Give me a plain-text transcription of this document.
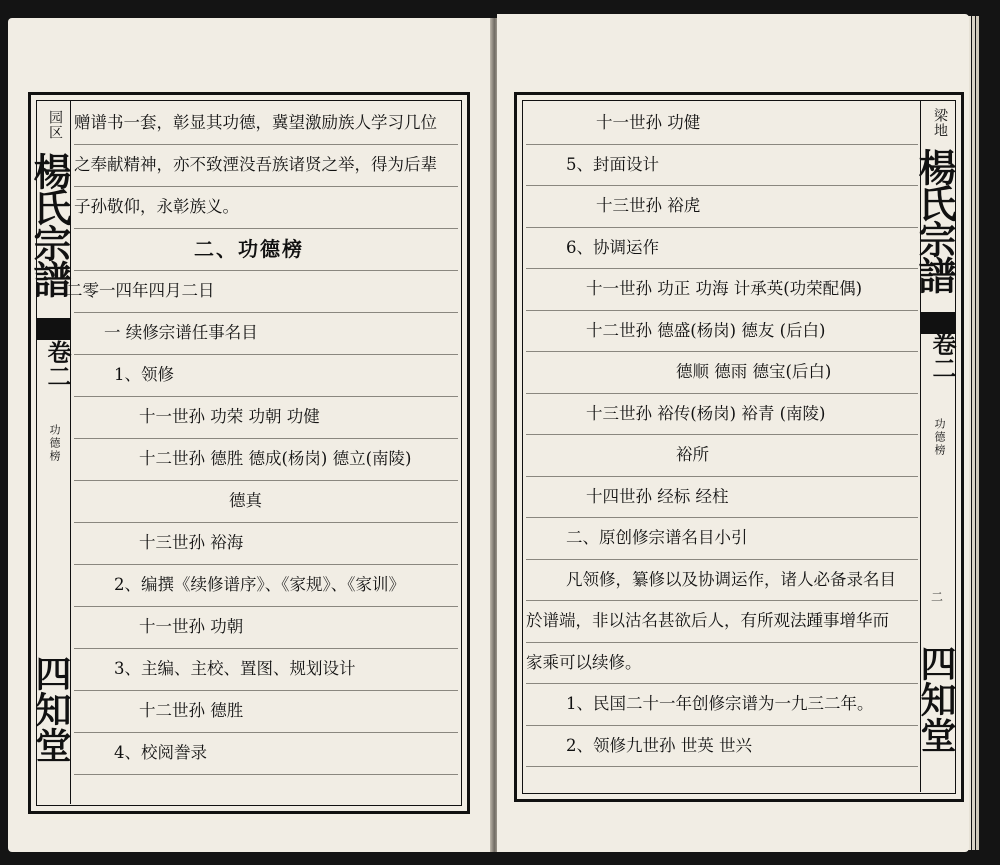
园区
楊氏宗譜
卷二
功德榜
四知堂
赠谱书一套，彰显其功德，冀望激励族人学习几位
之奉献精神，亦不致湮没吾族诸贤之举，得为后辈
子孙敬仰，永彰族义。
二、功德榜
二零一四年四月二日
一 续修宗谱任事名目
1、领修
十一世孙 功荣 功朝 功健
十二世孙 德胜 德成(杨岗) 德立(南陵)
德真
十三世孙 裕海
2、编撰《续修谱序》、《家规》、《家训》
十一世孙 功朝
3、主编、主校、置图、规划设计
十二世孙 德胜
4、校阅誊录
梁地
楊氏宗譜
卷二
功德榜
二
四知堂
十一世孙 功健
5、封面设计
十三世孙 裕虎
6、协调运作
十一世孙 功正 功海 计承英(功荣配偶)
十二世孙 德盛(杨岗) 德友 (后白)
德顺 德雨 德宝(后白)
十三世孙 裕传(杨岗) 裕青 (南陵)
裕所
十四世孙 经标 经柱
二、原创修宗谱名目小引
凡领修，纂修以及协调运作，诸人必备录名目
於谱端，非以沽名甚欲后人，有所观法踵事增华而
家乘可以续修。
1、民国二十一年创修宗谱为一九三二年。
2、领修九世孙 世英 世兴
